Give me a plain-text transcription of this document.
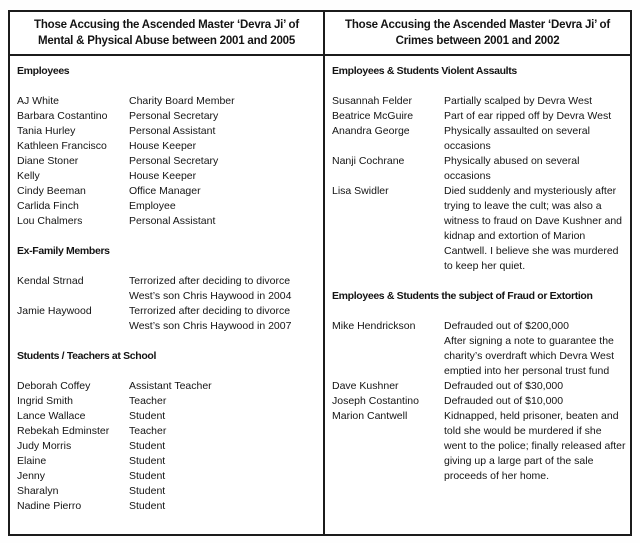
Those Accusing the Ascended Master ‘Devra Ji’ of
Mental & Physical Abuse between 2001 and 2005
Employees
AJ White	Charity Board Member
Barbara Costantino	Personal Secretary
Tania Hurley	Personal Assistant
Kathleen Francisco	House Keeper
Diane Stoner	Personal Secretary
Kelly	House Keeper
Cindy Beeman	Office Manager
Carlida Finch	Employee
Lou Chalmers	Personal Assistant
Ex-Family Members
Kendal Strnad	Terrorized after deciding to divorce West’s son Chris Haywood in 2004
Jamie Haywood	Terrorized after deciding to divorce West’s son Chris Haywood in 2007
Students / Teachers at School
Deborah Coffey	Assistant Teacher
Ingrid Smith	Teacher
Lance Wallace	Student
Rebekah Edminster	Teacher
Judy Morris	Student
Elaine	Student
Jenny	Student
Sharalyn	Student
Nadine Pierro	Student
Those Accusing the Ascended Master ‘Devra Ji’ of
Crimes between 2001 and 2002
Employees & Students Violent Assaults
Susannah Felder	Partially scalped by Devra West
Beatrice McGuire	Part of ear ripped off by Devra West
Anandra George	Physically assaulted on several occasions
Nanji Cochrane	Physically abused on several occasions
Lisa Swidler	Died suddenly and mysteriously after trying to leave the cult; was also a witness to fraud on Dave Kushner and kidnap and extortion of Marion Cantwell. I believe she was murdered to keep her quiet.
Employees & Students the subject of Fraud or Extortion
Mike Hendrickson	Defrauded out of $200,000
After signing a note to guarantee the charity’s overdraft which Devra West emptied into her personal trust fund
Dave Kushner	Defrauded out of $30,000
Joseph Costantino	Defrauded out of $10,000
Marion Cantwell	Kidnapped, held prisoner, beaten and told she would be murdered if she went to the police; finally released after giving up a large part of the sale proceeds of her home.
